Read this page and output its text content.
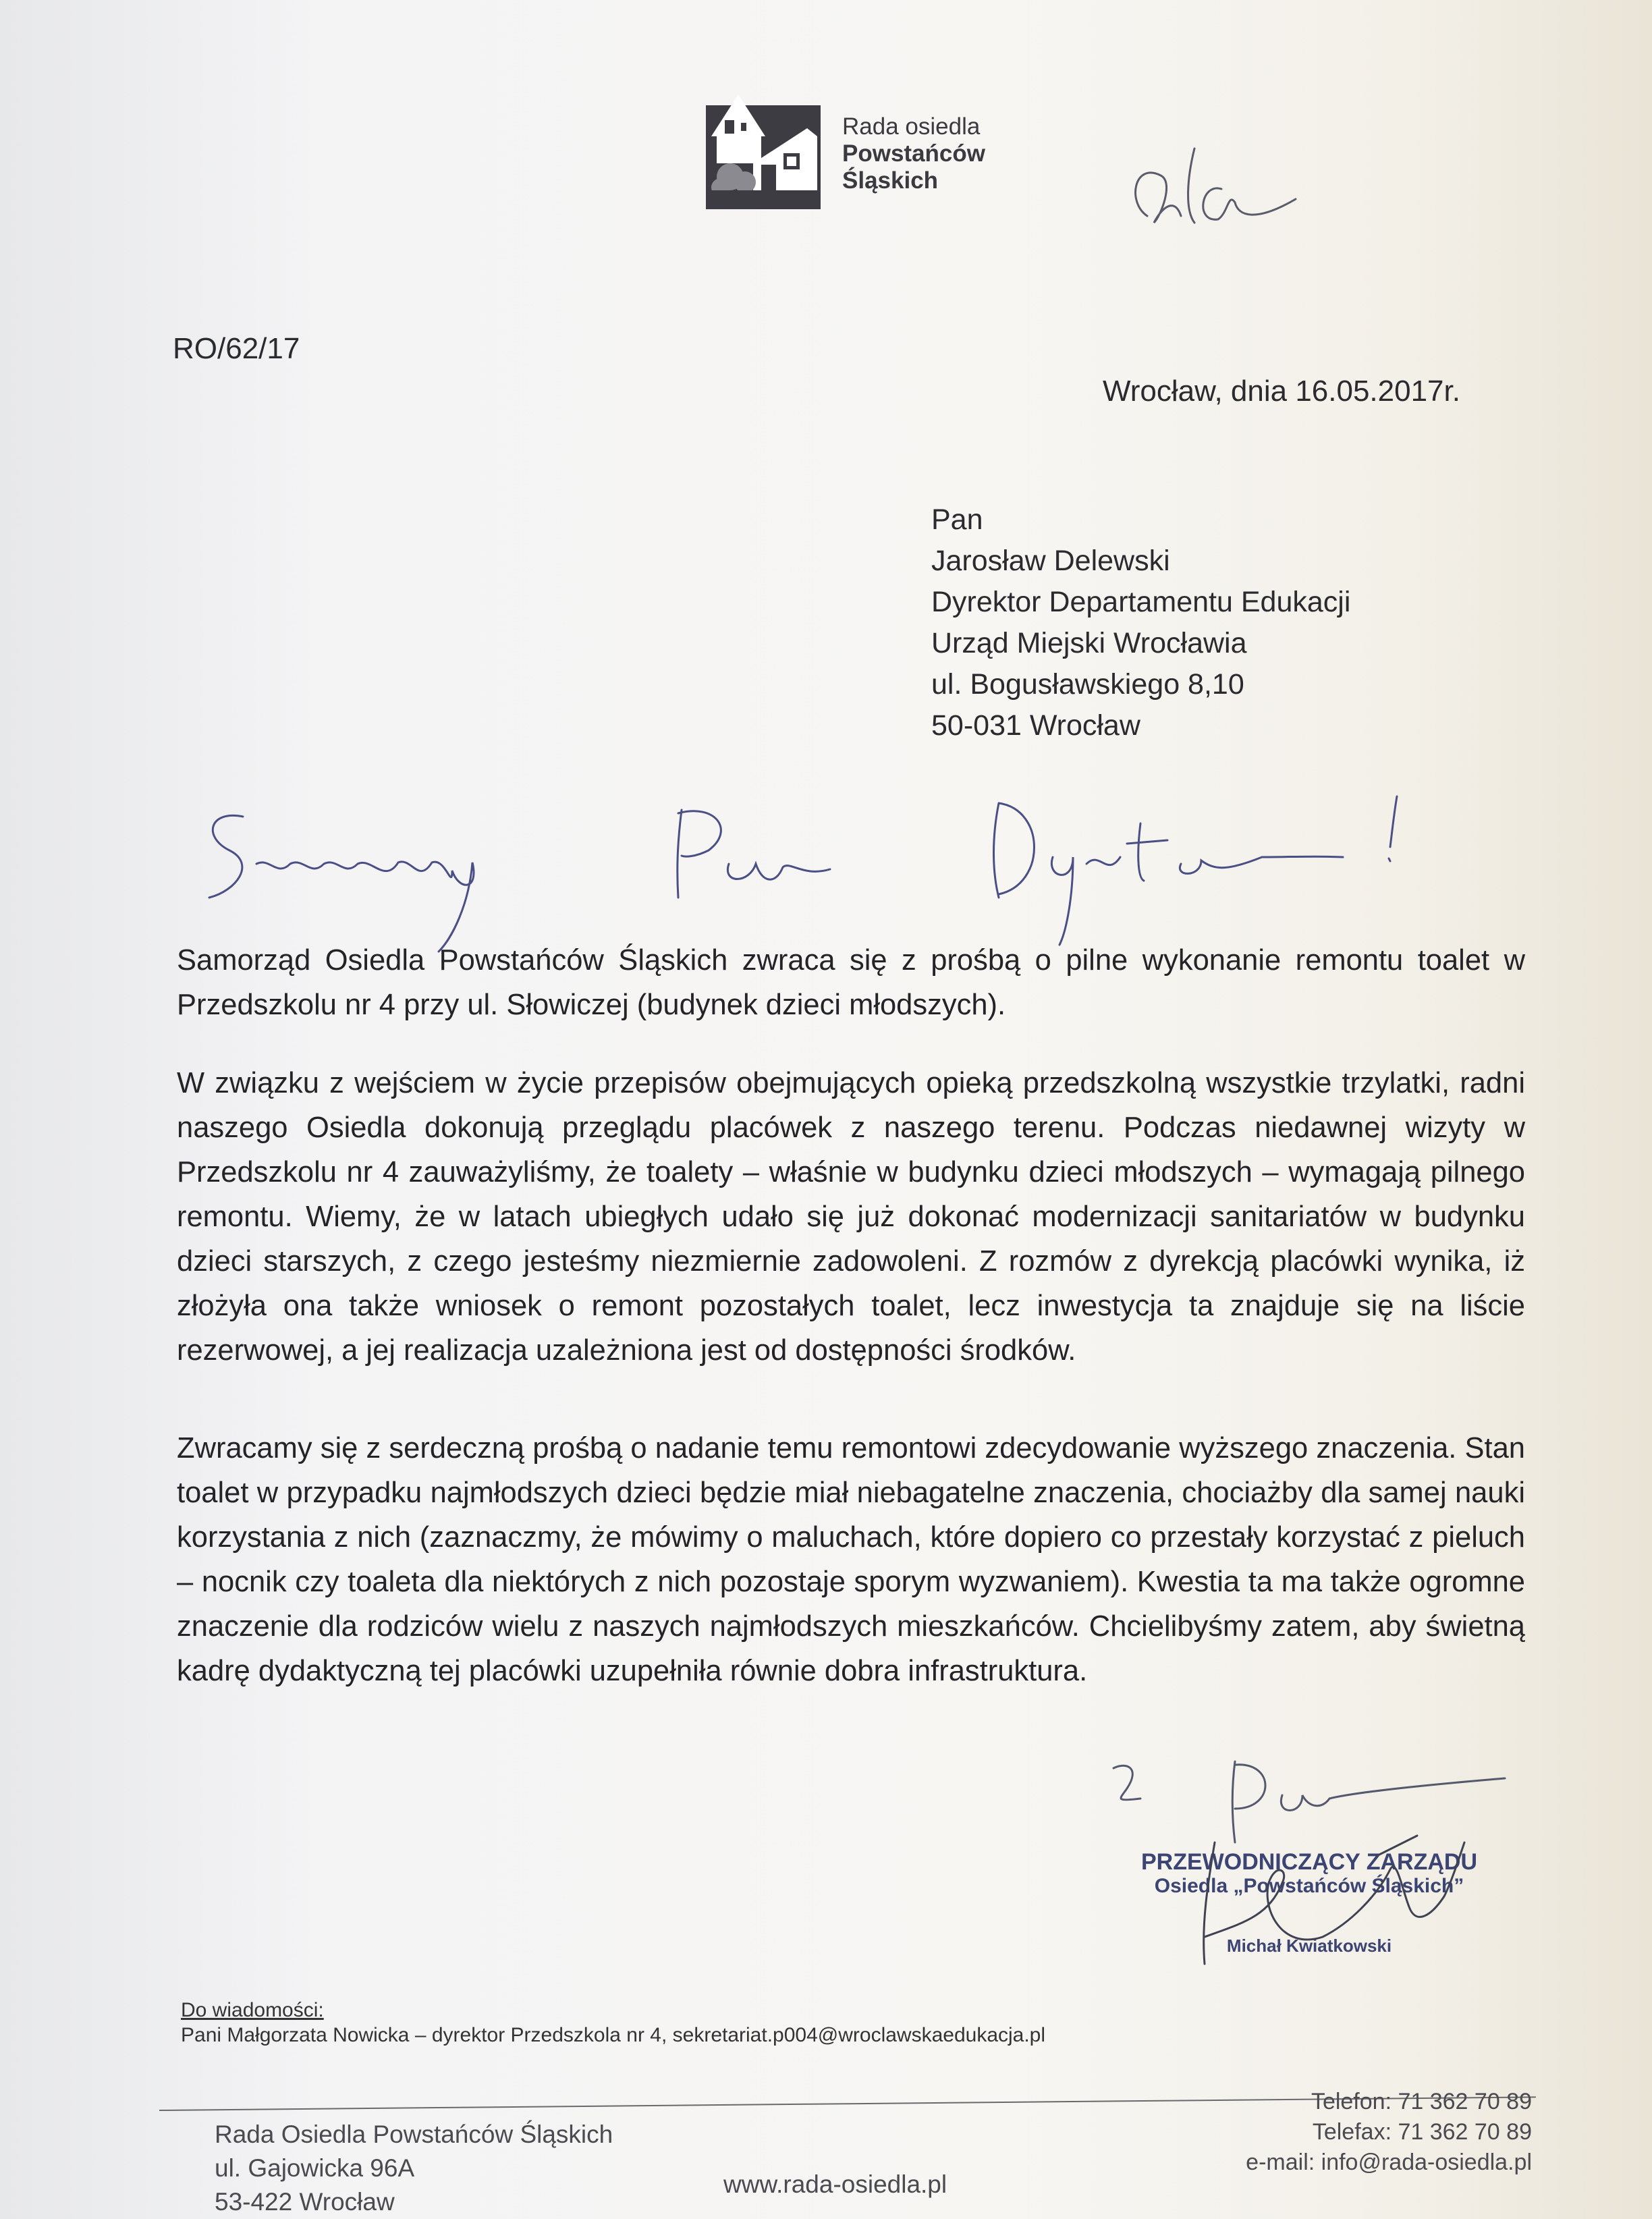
Rada osiedla
Powstańców
Śląskich
RO/62/17
Wrocław, dnia 16.05.2017r.
Pan
Jarosław Delewski
Dyrektor Departamentu Edukacji
Urząd Miejski Wrocławia
ul. Bogusławskiego 8,10
50-031 Wrocław
Samorząd Osiedla Powstańców Śląskich zwraca się z prośbą o pilne wykonanie remontu toalet w Przedszkolu nr 4 przy ul. Słowiczej (budynek dzieci młodszych).
W związku z wejściem w życie przepisów obejmujących opieką przedszkolną wszystkie trzylatki, radni naszego Osiedla dokonują przeglądu placówek z naszego terenu. Podczas niedawnej wizyty w Przedszkolu nr 4 zauważyliśmy, że toalety – właśnie w budynku dzieci młodszych – wymagają pilnego remontu. Wiemy, że w latach ubiegłych udało się już dokonać modernizacji sanitariatów w budynku dzieci starszych, z czego jesteśmy niezmiernie zadowoleni. Z rozmów z dyrekcją placówki wynika, iż złożyła ona także wniosek o remont pozostałych toalet, lecz inwestycja ta znajduje się na liście rezerwowej, a jej realizacja uzależniona jest od dostępności środków.
Zwracamy się z serdeczną prośbą o nadanie temu remontowi zdecydowanie wyższego znaczenia. Stan toalet w przypadku najmłodszych dzieci będzie miał niebagatelne znaczenia, chociażby dla samej nauki korzystania z nich (zaznaczmy, że mówimy o maluchach, które dopiero co przestały korzystać z pieluch – nocnik czy toaleta dla niektórych z nich pozostaje sporym wyzwaniem). Kwestia ta ma także ogromne znaczenie dla rodziców wielu z naszych najmłodszych mieszkańców. Chcielibyśmy zatem, aby świetną kadrę dydaktyczną tej placówki uzupełniła równie dobra infrastruktura.
PRZEWODNICZĄCY ZARZĄDU
Osiedla „Powstańców Śląskich”
Michał Kwiatkowski
Do wiadomości:
Pani Małgorzata Nowicka – dyrektor Przedszkola nr 4, sekretariat.p004@wroclawskaedukacja.pl
Rada Osiedla Powstańców Śląskich
ul. Gajowicka 96A
53-422 Wrocław
www.rada-osiedla.pl
Telefon: 71 362 70 89
Telefax: 71 362 70 89
e-mail: info@rada-osiedla.pl
